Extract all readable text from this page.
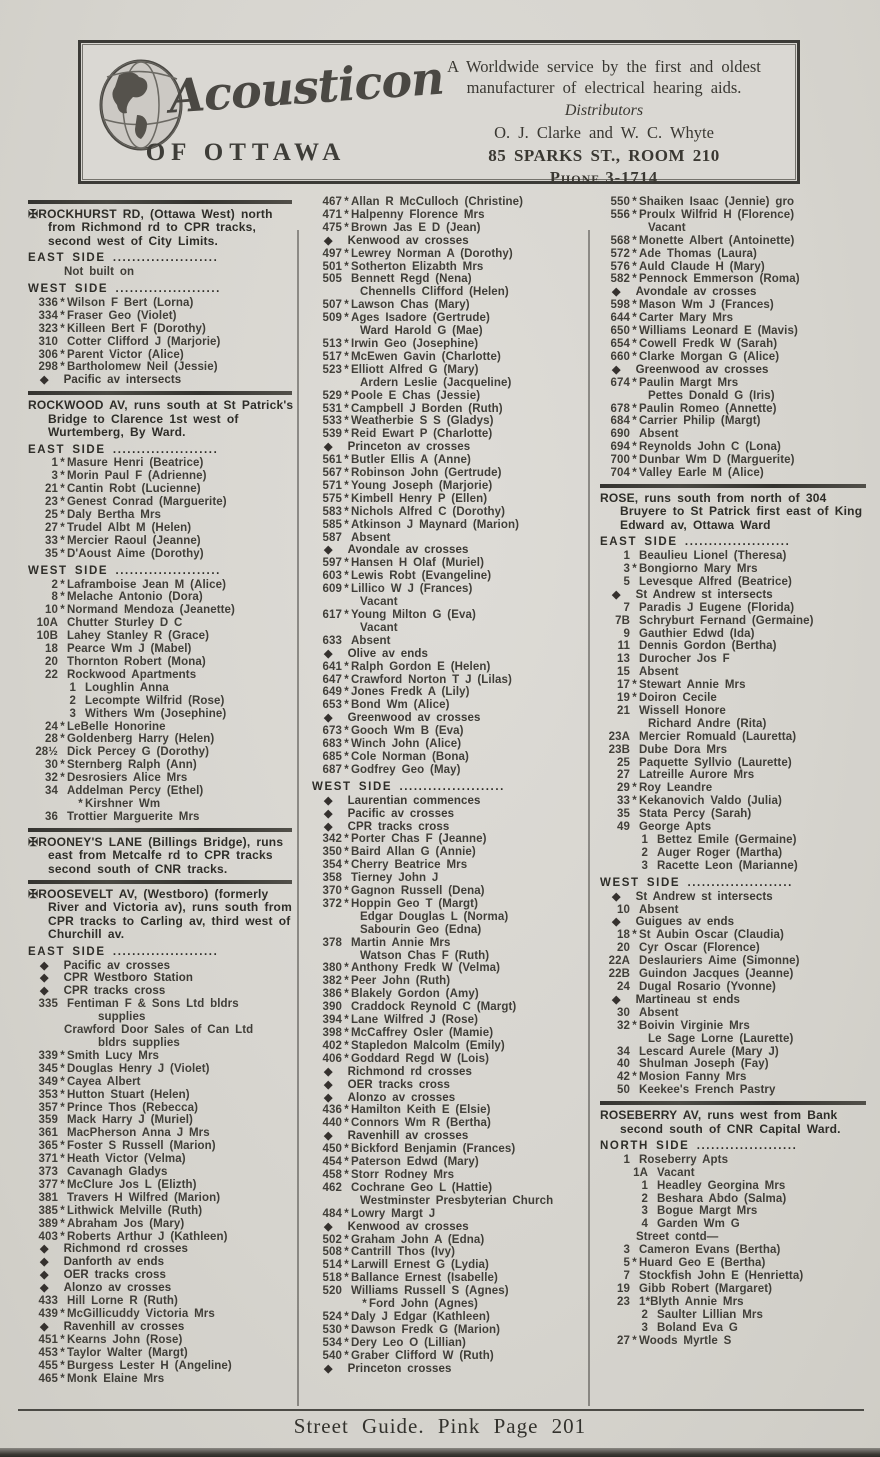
Acousticon
OF OTTAWA
A Worldwide service by the first and oldest
manufacturer of electrical hearing aids.
Distributors
O. J. Clarke and W. C. Whyte
85 SPARKS ST., ROOM 210
Phone 3-1714
✠ROCKHURST RD, (Ottawa West) north from Richmond rd to CPR tracks, second west of City Limits.
EAST SIDE ......................
Not built on
WEST SIDE ......................
336 * Wilson F Bert (Lorna)
334 * Fraser Geo (Violet)
323 * Killeen Bert F (Dorothy)
310 Cotter Clifford J (Marjorie)
306 * Parent Victor (Alice)
298 * Bartholomew Neil (Jessie)
◆ Pacific av intersects
ROCKWOOD AV, runs south at St Patrick's Bridge to Clarence 1st west of Wurtemberg, By Ward.
EAST SIDE ......................
1 * Masure Henri (Beatrice)
3 * Morin Paul F (Adrienne)
21 * Cantin Robt (Lucienne)
23 * Genest Conrad (Marguerite)
25 * Daly Bertha Mrs
27 * Trudel Albt M (Helen)
33 * Mercier Raoul (Jeanne)
35 * D'Aoust Aime (Dorothy)
WEST SIDE ......................
2 * Laframboise Jean M (Alice)
8 * Melache Antonio (Dora)
10 * Normand Mendoza (Jeanette)
10A Chutter Sturley D C
10B Lahey Stanley R (Grace)
18 Pearce Wm J (Mabel)
20 Thornton Robert (Mona)
22 Rockwood Apartments
1 Loughlin Anna
2 Lecompte Wilfrid (Rose)
3 Withers Wm (Josephine)
24 * LeBelle Honorine
28 * Goldenberg Harry (Helen)
28½ Dick Percey G (Dorothy)
30 * Sternberg Ralph (Ann)
32 * Desrosiers Alice Mrs
34 Addelman Percy (Ethel)
* Kirshner Wm
36 Trottier Marguerite Mrs
✠ROONEY'S LANE (Billings Bridge), runs east from Metcalfe rd to CPR tracks second south of CNR tracks.
✠ROOSEVELT AV, (Westboro) (formerly River and Victoria av), runs south from CPR tracks to Carling av, third west of Churchill av.
EAST SIDE ......................
◆ Pacific av crosses
◆ CPR Westboro Station
◆ CPR tracks cross
335 Fentiman F & Sons Ltd bldrs
supplies
Crawford Door Sales of Can Ltd
bldrs supplies
339 * Smith Lucy Mrs
345 * Douglas Henry J (Violet)
349 * Cayea Albert
353 * Hutton Stuart (Helen)
357 * Prince Thos (Rebecca)
359 Mack Harry J (Muriel)
361 MacPherson Anna J Mrs
365 * Foster S Russell (Marion)
371 * Heath Victor (Velma)
373 Cavanagh Gladys
377 * McClure Jos L (Elizth)
381 Travers H Wilfred (Marion)
385 * Lithwick Melville (Ruth)
389 * Abraham Jos (Mary)
403 * Roberts Arthur J (Kathleen)
◆ Richmond rd crosses
◆ Danforth av ends
◆ OER tracks cross
◆ Alonzo av crosses
433 Hill Lorne R (Ruth)
439 * McGillicuddy Victoria Mrs
◆ Ravenhill av crosses
451 * Kearns John (Rose)
453 * Taylor Walter (Margt)
455 * Burgess Lester H (Angeline)
465 * Monk Elaine Mrs
467 * Allan R McCulloch (Christine)
471 * Halpenny Florence Mrs
475 * Brown Jas E D (Jean)
◆ Kenwood av crosses
497 * Lewrey Norman A (Dorothy)
501 * Sotherton Elizabth Mrs
505 Bennett Regd (Nena)
Chennells Clifford (Helen)
507 * Lawson Chas (Mary)
509 * Ages Isadore (Gertrude)
Ward Harold G (Mae)
513 * Irwin Geo (Josephine)
517 * McEwen Gavin (Charlotte)
523 * Elliott Alfred G (Mary)
Ardern Leslie (Jacqueline)
529 * Poole E Chas (Jessie)
531 * Campbell J Borden (Ruth)
533 * Weatherbie S S (Gladys)
539 * Reid Ewart P (Charlotte)
◆ Princeton av crosses
561 * Butler Ellis A (Anne)
567 * Robinson John (Gertrude)
571 * Young Joseph (Marjorie)
575 * Kimbell Henry P (Ellen)
583 * Nichols Alfred C (Dorothy)
585 * Atkinson J Maynard (Marion)
587 Absent
◆ Avondale av crosses
597 * Hansen H Olaf (Muriel)
603 * Lewis Robt (Evangeline)
609 * Lillico W J (Frances)
Vacant
617 * Young Milton G (Eva)
Vacant
633 Absent
◆ Olive av ends
641 * Ralph Gordon E (Helen)
647 * Crawford Norton T J (Lilas)
649 * Jones Fredk A (Lily)
653 * Bond Wm (Alice)
◆ Greenwood av crosses
673 * Gooch Wm B (Eva)
683 * Winch John (Alice)
685 * Cole Norman (Bona)
687 * Godfrey Geo (May)
WEST SIDE ......................
◆ Laurentian commences
◆ Pacific av crosses
◆ CPR tracks cross
342 * Porter Chas F (Jeanne)
350 * Baird Allan G (Annie)
354 * Cherry Beatrice Mrs
358 Tierney John J
370 * Gagnon Russell (Dena)
372 * Hoppin Geo T (Margt)
Edgar Douglas L (Norma)
Sabourin Geo (Edna)
378 Martin Annie Mrs
Watson Chas F (Ruth)
380 * Anthony Fredk W (Velma)
382 * Peer John (Ruth)
386 * Blakely Gordon (Amy)
390 Craddock Reynold C (Margt)
394 * Lane Wilfred J (Rose)
398 * McCaffrey Osler (Mamie)
402 * Stapledon Malcolm (Emily)
406 * Goddard Regd W (Lois)
◆ Richmond rd crosses
◆ OER tracks cross
◆ Alonzo av crosses
436 * Hamilton Keith E (Elsie)
440 * Connors Wm R (Bertha)
◆ Ravenhill av crosses
450 * Bickford Benjamin (Frances)
454 * Paterson Edwd (Mary)
458 * Storr Rodney Mrs
462 Cochrane Geo L (Hattie)
Westminster Presbyterian Church
484 * Lowry Margt J
◆ Kenwood av crosses
502 * Graham John A (Edna)
508 * Cantrill Thos (Ivy)
514 * Larwill Ernest G (Lydia)
518 * Ballance Ernest (Isabelle)
520 Williams Russell S (Agnes)
* Ford John (Agnes)
524 * Daly J Edgar (Kathleen)
530 * Dawson Fredk G (Marion)
534 * Dery Leo O (Lillian)
540 * Graber Clifford W (Ruth)
◆ Princeton crosses
550 * Shaiken Isaac (Jennie) gro
556 * Proulx Wilfrid H (Florence)
Vacant
568 * Monette Albert (Antoinette)
572 * Ade Thomas (Laura)
576 * Auld Claude H (Mary)
582 * Pennock Emmerson (Roma)
◆ Avondale av crosses
598 * Mason Wm J (Frances)
644 * Carter Mary Mrs
650 * Williams Leonard E (Mavis)
654 * Cowell Fredk W (Sarah)
660 * Clarke Morgan G (Alice)
◆ Greenwood av crosses
674 * Paulin Margt Mrs
Pettes Donald G (Iris)
678 * Paulin Romeo (Annette)
684 * Carrier Philip (Margt)
690 Absent
694 * Reynolds John C (Lona)
700 * Dunbar Wm D (Marguerite)
704 * Valley Earle M (Alice)
ROSE, runs south from north of 304 Bruyere to St Patrick first east of King Edward av, Ottawa Ward
EAST SIDE ......................
1 Beaulieu Lionel (Theresa)
3 * Bongiorno Mary Mrs
5 Levesque Alfred (Beatrice)
◆ St Andrew st intersects
7 Paradis J Eugene (Florida)
7B Schryburt Fernand (Germaine)
9 Gauthier Edwd (Ida)
11 Dennis Gordon (Bertha)
13 Durocher Jos F
15 Absent
17 * Stewart Annie Mrs
19 * Doiron Cecile
21 Wissell Honore
Richard Andre (Rita)
23A Mercier Romuald (Lauretta)
23B Dube Dora Mrs
25 Paquette Syllvio (Laurette)
27 Latreille Aurore Mrs
29 * Roy Leandre
33 * Kekanovich Valdo (Julia)
35 Stata Percy (Sarah)
49 George Apts
1 Bettez Emile (Germaine)
2 Auger Roger (Martha)
3 Racette Leon (Marianne)
WEST SIDE ......................
◆ St Andrew st intersects
10 Absent
◆ Guigues av ends
18 * St Aubin Oscar (Claudia)
20 Cyr Oscar (Florence)
22A Deslauriers Aime (Simonne)
22B Guindon Jacques (Jeanne)
24 Dugal Rosario (Yvonne)
◆ Martineau st ends
30 Absent
32 * Boivin Virginie Mrs
Le Sage Lorne (Laurette)
34 Lescard Aurele (Mary J)
40 Shulman Joseph (Fay)
42 * Mosion Fanny Mrs
50 Keekee's French Pastry
ROSEBERRY AV, runs west from Bank second south of CNR Capital Ward.
NORTH SIDE .....................
1 Roseberry Apts
1A Vacant
1 Headley Georgina Mrs
2 Beshara Abdo (Salma)
3 Bogue Margt Mrs
4 Garden Wm G
Street contd—
3 Cameron Evans (Bertha)
5 * Huard Geo E (Bertha)
7 Stockfish John E (Henrietta)
19 Gibb Robert (Margaret)
23 1*Blyth Annie Mrs
2 Saulter Lillian Mrs
3 Boland Eva G
27 * Woods Myrtle S
Street Guide. Pink Page 201
